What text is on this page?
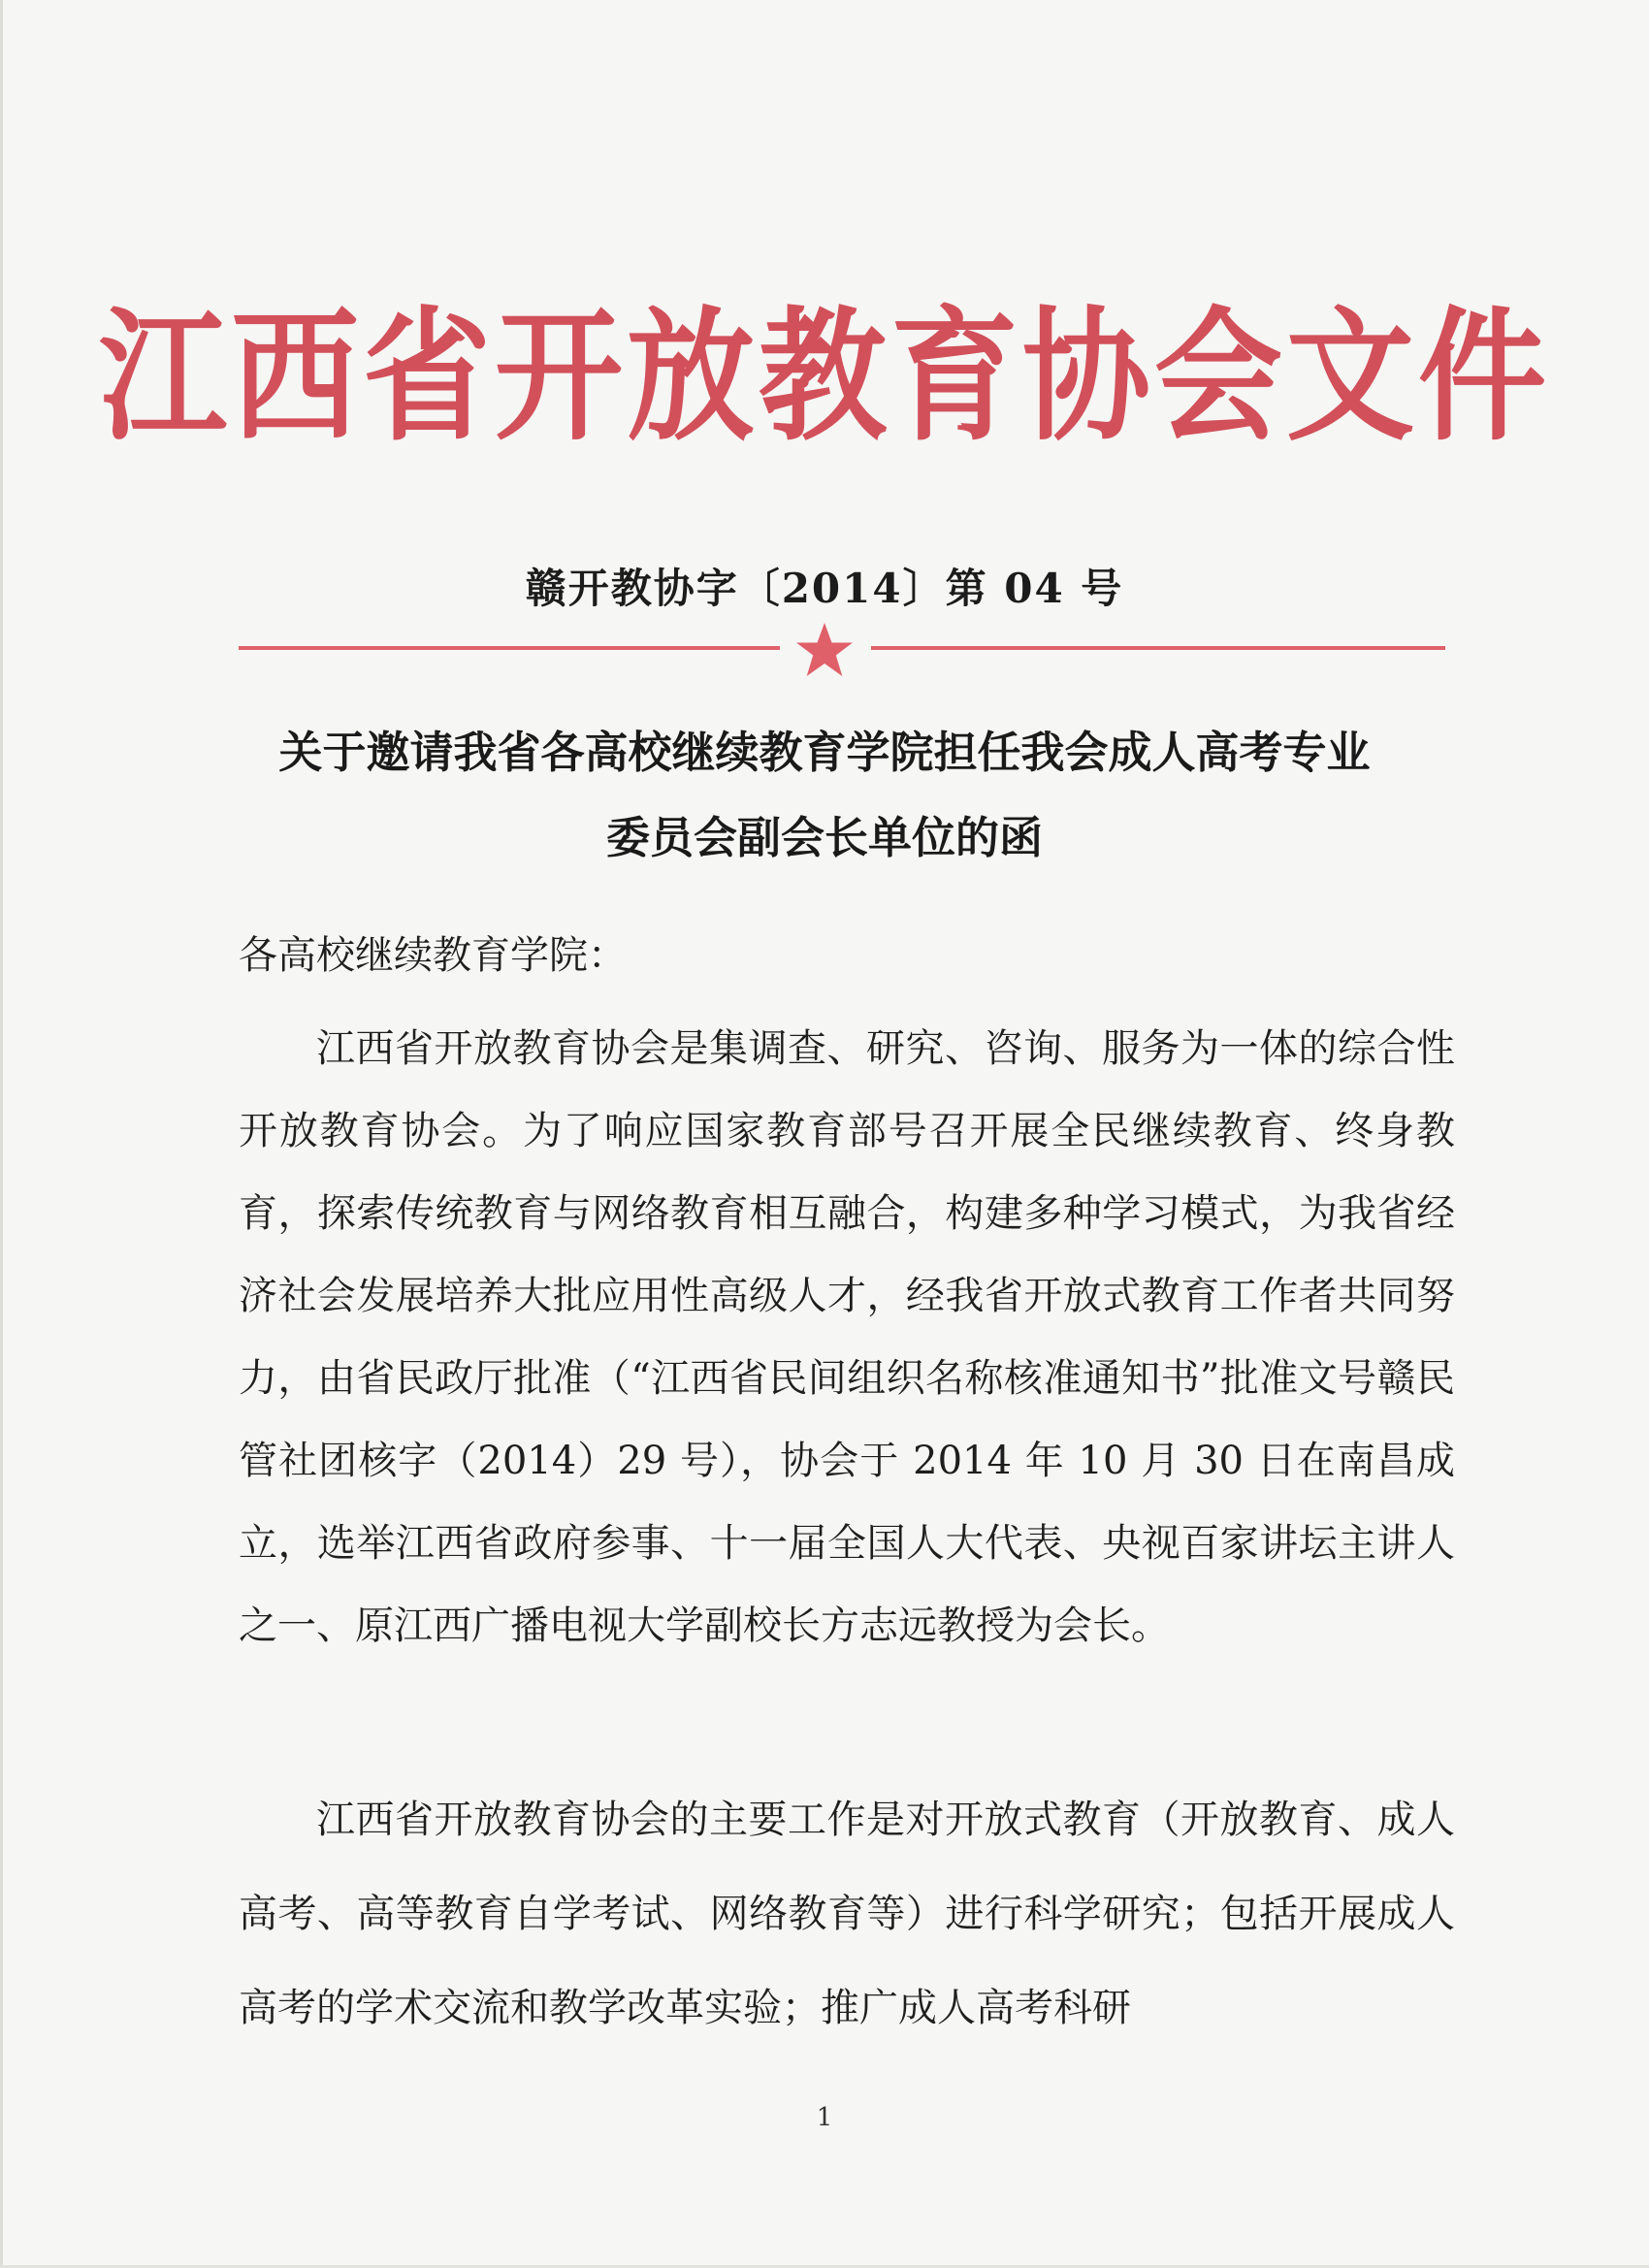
江西省开放教育协会文件
赣开教协字〔2014〕第 04 号
关于邀请我省各高校继续教育学院担任我会成人高考专业
委员会副会长单位的函
各高校继续教育学院：
江西省开放教育协会是集调查、研究、咨询、服务为一体的综合性开放教育协会。为了响应国家教育部号召开展全民继续教育、终身教育，探索传统教育与网络教育相互融合，构建多种学习模式，为我省经济社会发展培养大批应用性高级人才，经我省开放式教育工作者共同努力，由省民政厅批准（“江西省民间组织名称核准通知书”批准文号赣民管社团核字（2014）29 号），协会于 2014 年 10 月 30 日在南昌成立，选举江西省政府参事、十一届全国人大代表、央视百家讲坛主讲人之一、原江西广播电视大学副校长方志远教授为会长。
江西省开放教育协会的主要工作是对开放式教育（开放教育、成人高考、高等教育自学考试、网络教育等）进行科学研究；包括开展成人高考的学术交流和教学改革实验；推广成人高考科研
1
